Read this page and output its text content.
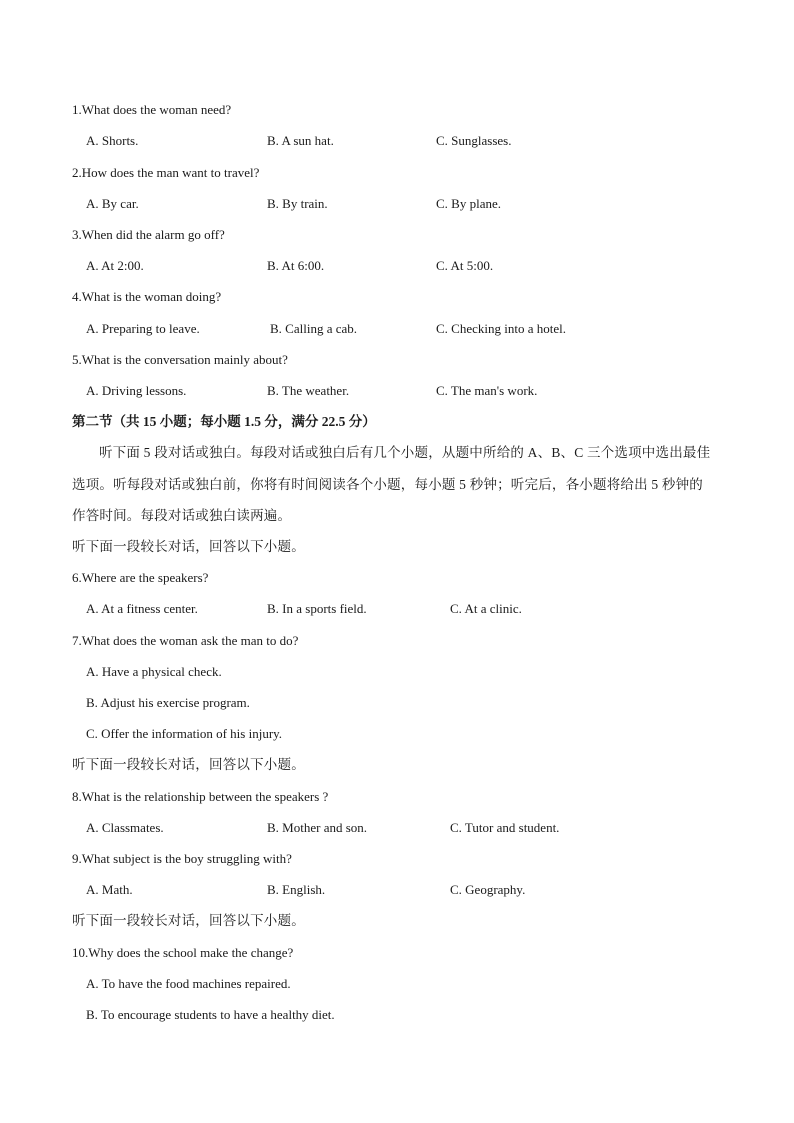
1.What does the woman need?
A. Shorts.	B. A sun hat.	C. Sunglasses.
2.How does the man want to travel?
A. By car.	B. By train.	C. By plane.
3.When did the alarm go off?
A. At 2:00.	B. At 6:00.	C. At 5:00.
4.What is the woman doing?
A. Preparing to leave.	B. Calling a cab.	C. Checking into a hotel.
5.What is the conversation mainly about?
A. Driving lessons.	B. The weather.	C. The man's work.
第二节（共 15 小题；每小题 1.5 分，满分 22.5 分）
听下面 5 段对话或独白。每段对话或独白后有几个小题，从题中所给的 A、B、C 三个选项中选出最佳
选项。听每段对话或独白前，你将有时间阅读各个小题，每小题 5 秒钟；听完后，各小题将给出 5 秒钟的
作答时间。每段对话或独白读两遍。
听下面一段较长对话，回答以下小题。
6.Where are the speakers?
A. At a fitness center.	B. In a sports field.	C. At a clinic.
7.What does the woman ask the man to do?
A. Have a physical check.
B. Adjust his exercise program.
C. Offer the information of his injury.
听下面一段较长对话，回答以下小题。
8.What is the relationship between the speakers ?
A. Classmates.	B. Mother and son.	C. Tutor and student.
9.What subject is the boy struggling with?
A. Math.	B. English.	C. Geography.
听下面一段较长对话，回答以下小题。
10.Why does the school make the change?
A. To have the food machines repaired.
B. To encourage students to have a healthy diet.
